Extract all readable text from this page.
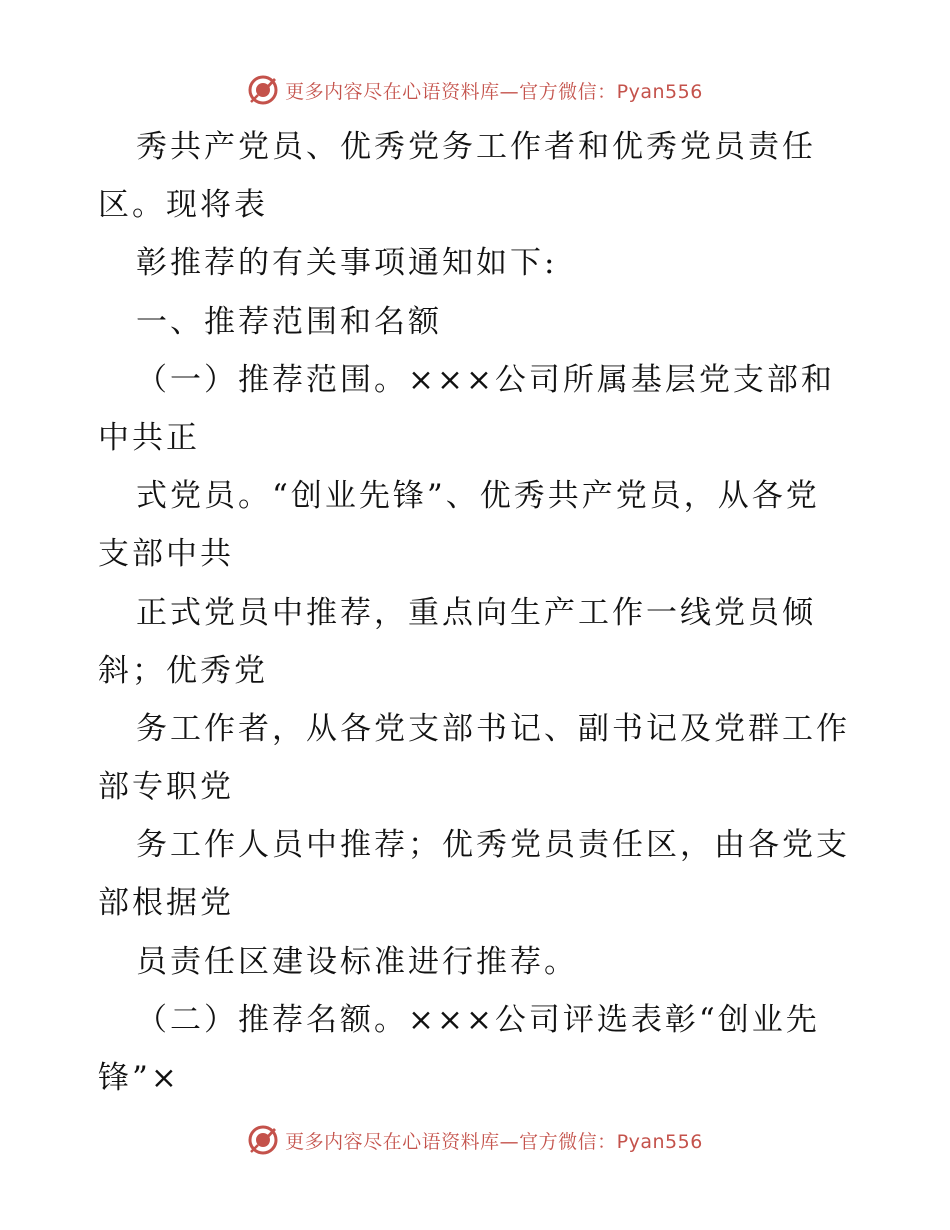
更多内容尽在心语资料库—官方微信：Pyan556
秀共产党员、优秀党务工作者和优秀党员责任
区。现将表
彰推荐的有关事项通知如下:
一、推荐范围和名额
（一）推荐范围。×××公司所属基层党支部和
中共正
式党员。“创业先锋”、优秀共产党员，从各党
支部中共
正式党员中推荐，重点向生产工作一线党员倾
斜；优秀党
务工作者，从各党支部书记、副书记及党群工作
部专职党
务工作人员中推荐；优秀党员责任区，由各党支
部根据党
员责任区建设标准进行推荐。
（二）推荐名额。×××公司评选表彰“创业先
锋”×
更多内容尽在心语资料库—官方微信：Pyan556
